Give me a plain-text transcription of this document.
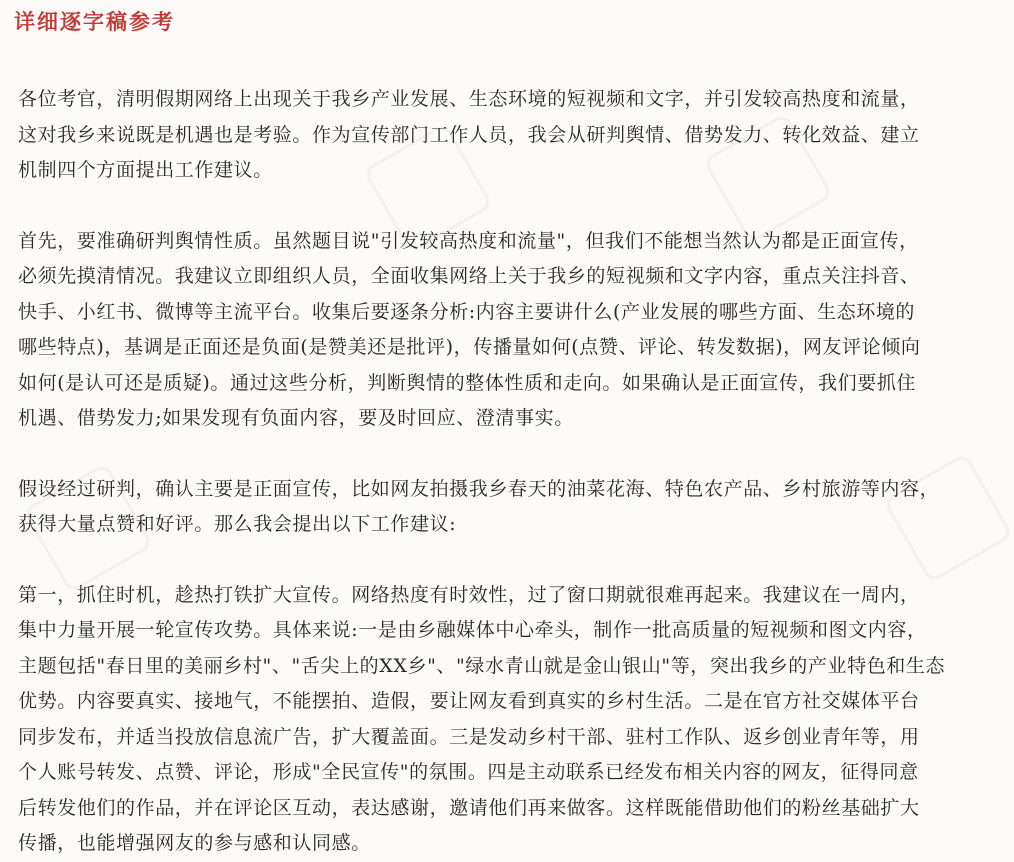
详细逐字稿参考
各位考官，清明假期网络上出现关于我乡产业发展、生态环境的短视频和文字，并引发较高热度和流量，
这对我乡来说既是机遇也是考验。作为宣传部门工作人员，我会从研判舆情、借势发力、转化效益、建立
机制四个方面提出工作建议。
首先，要准确研判舆情性质。虽然题目说"引发较高热度和流量"，但我们不能想当然认为都是正面宣传，
必须先摸清情况。我建议立即组织人员，全面收集网络上关于我乡的短视频和文字内容，重点关注抖音、
快手、小红书、微博等主流平台。收集后要逐条分析:内容主要讲什么(产业发展的哪些方面、生态环境的
哪些特点)，基调是正面还是负面(是赞美还是批评)，传播量如何(点赞、评论、转发数据)，网友评论倾向
如何(是认可还是质疑)。通过这些分析，判断舆情的整体性质和走向。如果确认是正面宣传，我们要抓住
机遇、借势发力;如果发现有负面内容，要及时回应、澄清事实。
假设经过研判，确认主要是正面宣传，比如网友拍摄我乡春天的油菜花海、特色农产品、乡村旅游等内容，
获得大量点赞和好评。那么我会提出以下工作建议:
第一，抓住时机，趁热打铁扩大宣传。网络热度有时效性，过了窗口期就很难再起来。我建议在一周内，
集中力量开展一轮宣传攻势。具体来说:一是由乡融媒体中心牵头，制作一批高质量的短视频和图文内容，
主题包括"春日里的美丽乡村"、"舌尖上的XX乡"、"绿水青山就是金山银山"等，突出我乡的产业特色和生态
优势。内容要真实、接地气，不能摆拍、造假，要让网友看到真实的乡村生活。二是在官方社交媒体平台
同步发布，并适当投放信息流广告，扩大覆盖面。三是发动乡村干部、驻村工作队、返乡创业青年等，用
个人账号转发、点赞、评论，形成"全民宣传"的氛围。四是主动联系已经发布相关内容的网友，征得同意
后转发他们的作品，并在评论区互动，表达感谢，邀请他们再来做客。这样既能借助他们的粉丝基础扩大
传播，也能增强网友的参与感和认同感。
